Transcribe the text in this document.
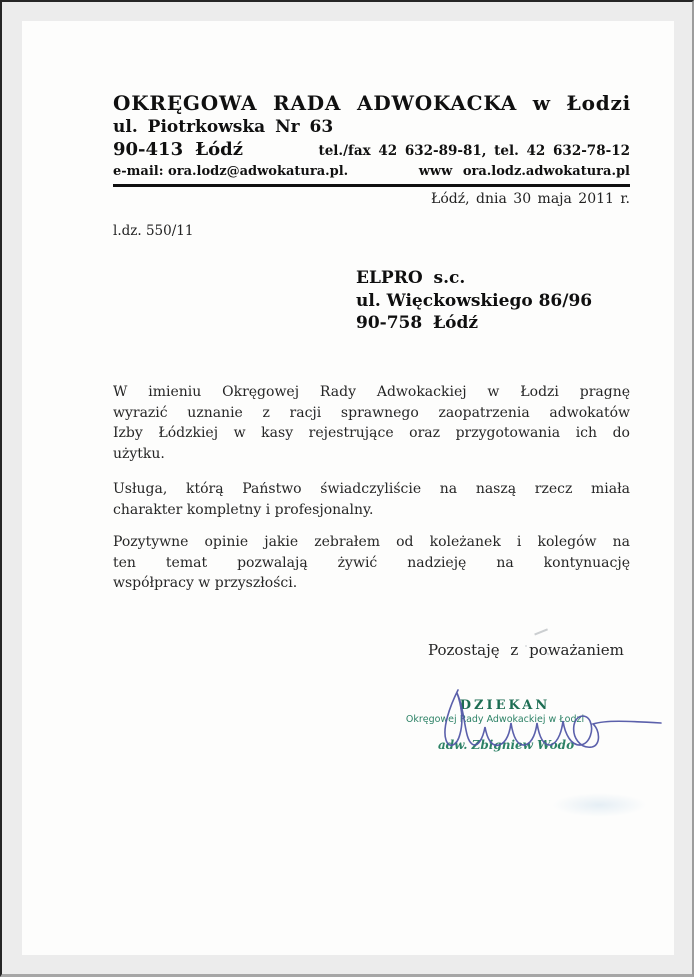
OKRĘGOWA RADA ADWOKACKA w Łodzi
ul. Piotrkowska Nr 63
90-413 Łódź	tel./fax 42 632-89-81, tel. 42 632-78-12
e-mail: ora.lodz@adwokatura.pl.	www ora.lodz.adwokatura.pl
Łódź, dnia 30 maja 2011 r.
l.dz. 550/11
ELPRO s.c.
ul. Więckowskiego 86/96
90-758 Łódź
W imieniu Okręgowej Rady Adwokackiej w Łodzi pragnę
wyrazić uznanie z racji sprawnego zaopatrzenia adwokatów
Izby Łódzkiej w kasy rejestrujące oraz przygotowania ich do
użytku.
Usługa, którą Państwo świadczyliście na naszą rzecz miała
charakter kompletny i profesjonalny.
Pozytywne opinie jakie zebrałem od koleżanek i kolegów na
ten temat pozwalają żywić nadzieję na kontynuację
współpracy w przyszłości.
Pozostaję z poważaniem
DZIEKAN
Okręgowej Rady Adwokackiej w Łodzi
adw. Zbigniew Wodo
